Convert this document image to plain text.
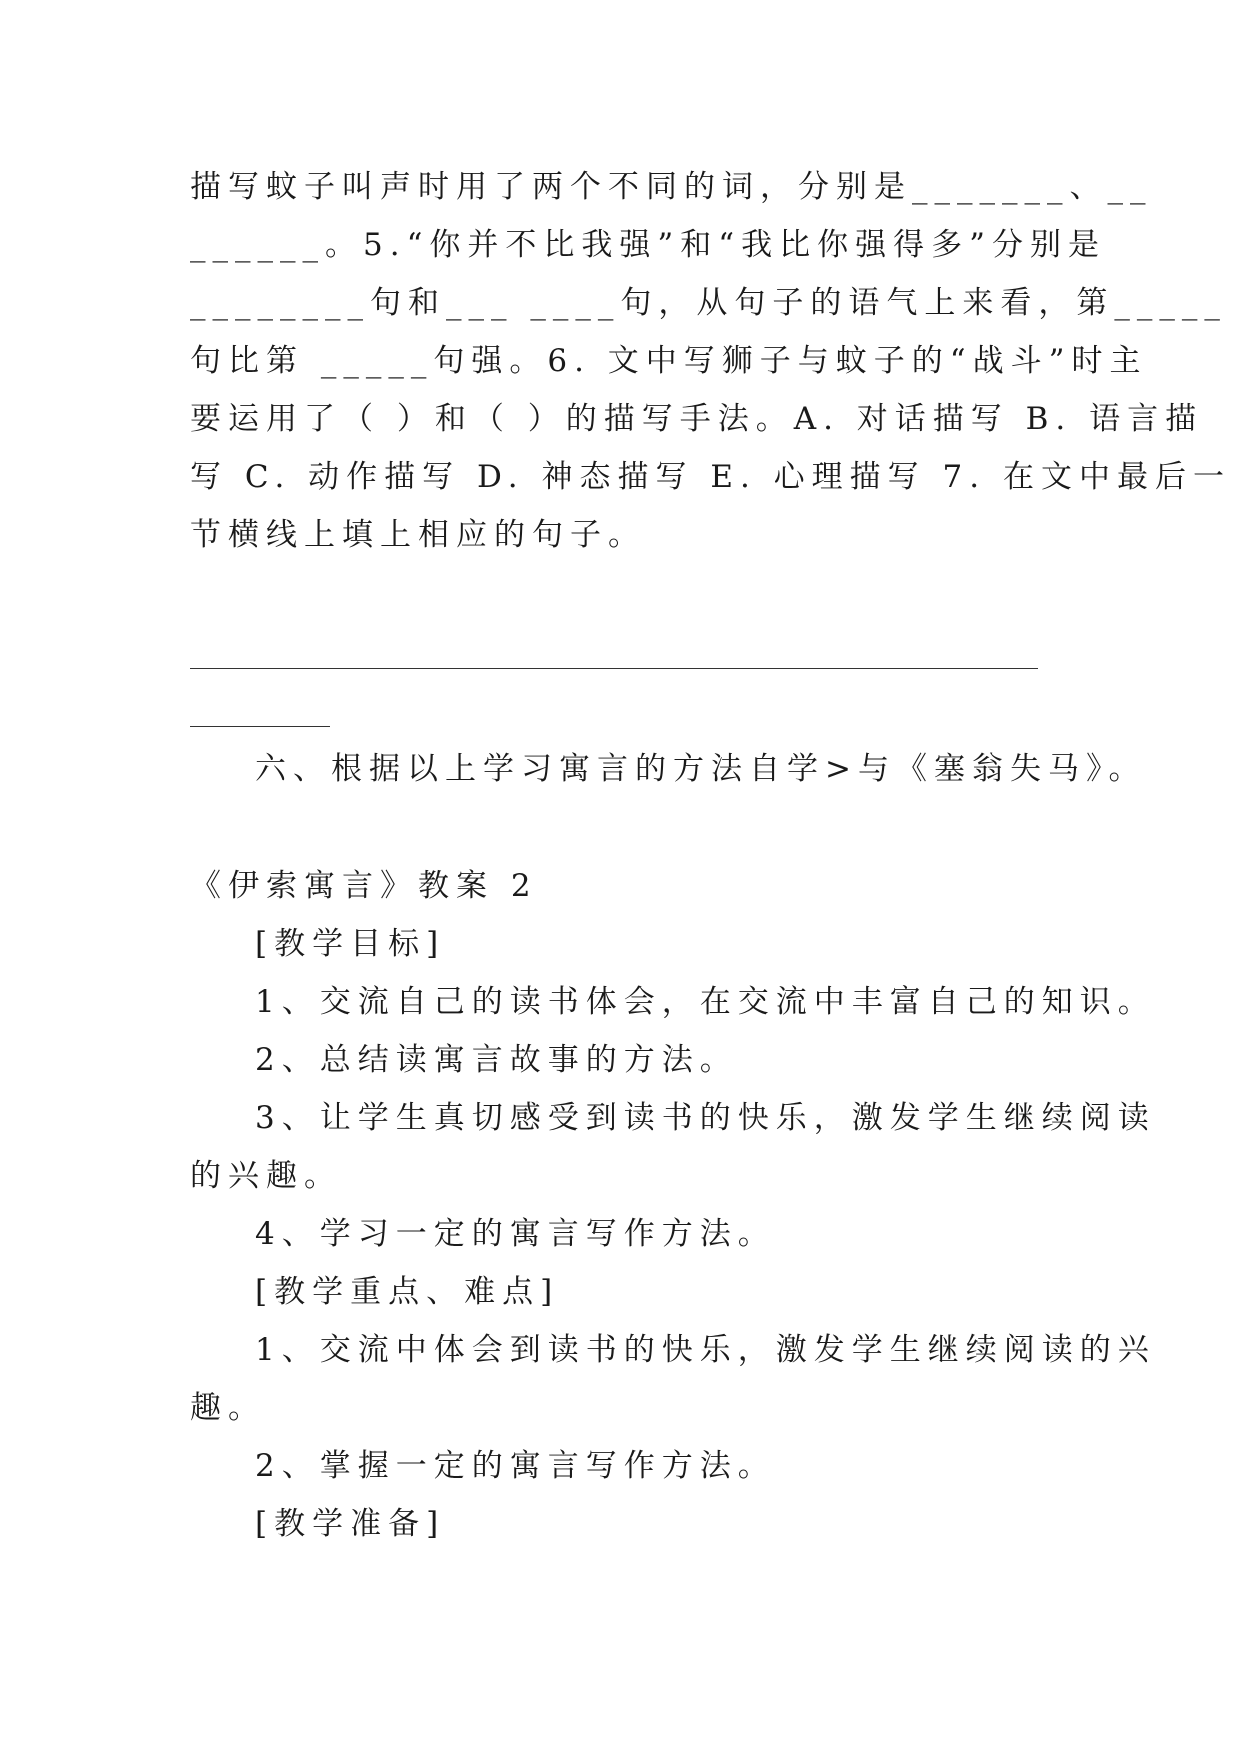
描写蚊子叫声时用了两个不同的词，分别是_______、__
______。5.“你并不比我强”和“我比你强得多”分别是
________句和___ ____句，从句子的语气上来看，第_____
句比第 _____句强。6. 文中写狮子与蚊子的“战斗”时主
要运用了（ ）和（ ）的描写手法。A. 对话描写 B. 语言描
写 C. 动作描写 D. 神态描写 E. 心理描写 7. 在文中最后一
节横线上填上相应的句子。
六、根据以上学习寓言的方法自学>与《塞翁失马》。
《伊索寓言》教案 2
[教学目标]
1、交流自己的读书体会，在交流中丰富自己的知识。
2、总结读寓言故事的方法。
3、让学生真切感受到读书的快乐，激发学生继续阅读
的兴趣。
4、学习一定的寓言写作方法。
[教学重点、难点]
1、交流中体会到读书的快乐，激发学生继续阅读的兴
趣。
2、掌握一定的寓言写作方法。
[教学准备]
